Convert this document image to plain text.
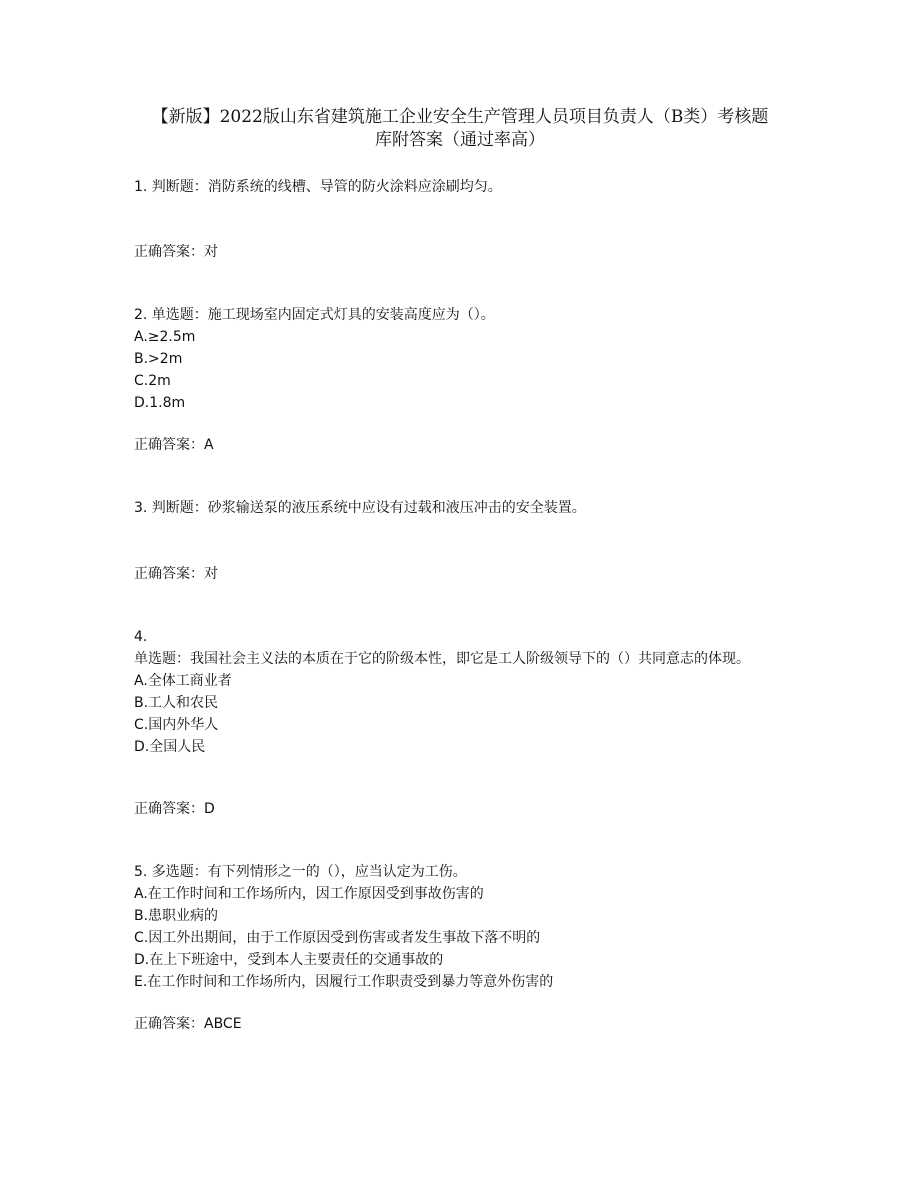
【新版】2022版山东省建筑施工企业安全生产管理人员项目负责人（B类）考核题
库附答案（通过率高）
1. 判断题：消防系统的线槽、导管的防火涂料应涂刷均匀。
正确答案：对
2. 单选题：施工现场室内固定式灯具的安装高度应为（）。
A.≥2.5m
B.>2m
C.2m
D.1.8m
正确答案：A
3. 判断题：砂浆输送泵的液压系统中应设有过载和液压冲击的安全装置。
正确答案：对
4.
单选题：我国社会主义法的本质在于它的阶级本性，即它是工人阶级领导下的（）共同意志的体现。
A.全体工商业者
B.工人和农民
C.国内外华人
D.全国人民
正确答案：D
5. 多选题：有下列情形之一的（），应当认定为工伤。
A.在工作时间和工作场所内，因工作原因受到事故伤害的
B.患职业病的
C.因工外出期间，由于工作原因受到伤害或者发生事故下落不明的
D.在上下班途中，受到本人主要责任的交通事故的
E.在工作时间和工作场所内，因履行工作职责受到暴力等意外伤害的
正确答案：ABCE
